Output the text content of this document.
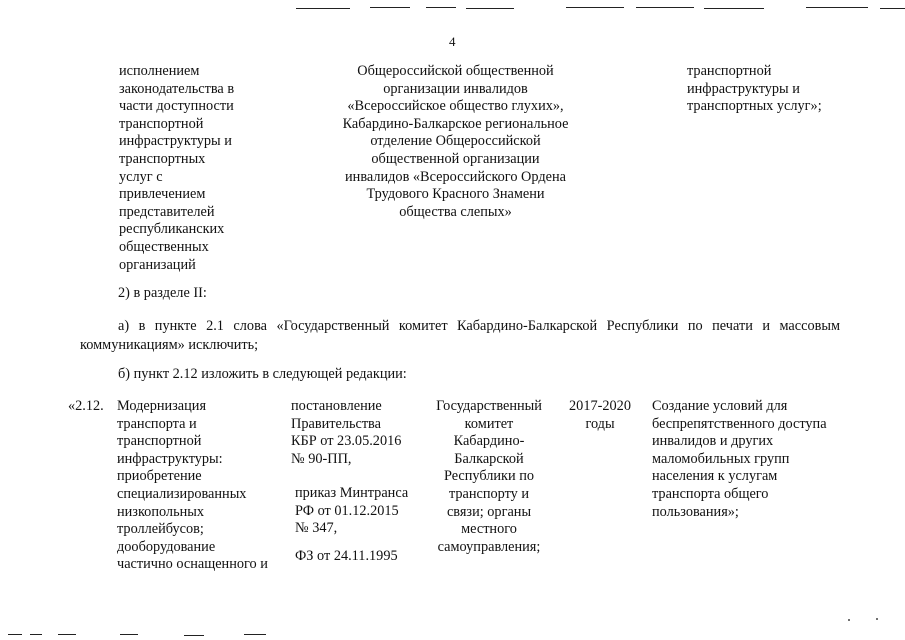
4
исполнением
законодательства в
части доступности
транспортной
инфраструктуры и
транспортных
услуг с
привлечением
представителей
республиканских
общественных
организаций
Общероссийской общественной
организации инвалидов
«Всероссийское общество глухих»,
Кабардино-Балкарское региональное
отделение Общероссийской
общественной организации
инвалидов «Всероссийского Ордена
Трудового Красного Знамени
общества слепых»
транспортной
инфраструктуры и
транспортных услуг»;
2) в разделе II:
а) в пункте 2.1 слова «Государственный комитет Кабардино-Балкарской Республики по печати и массовым коммуникациям» исключить;
б) пункт 2.12 изложить в следующей редакции:
«2.12. Модернизация
транспорта и
транспортной
инфраструктуры:
приобретение
специализированных
низкопольных
троллейбусов;
дооборудование
частично оснащенного и
постановление
Правительства
КБР от 23.05.2016
№ 90-ПП,
приказ Минтранса
РФ от 01.12.2015
№ 347,
ФЗ от 24.11.1995
Государственный
комитет
Кабардино-
Балкарской
Республики по
транспорту и
связи; органы
местного
самоуправления;
2017-2020
годы
Создание условий для
беспрепятственного доступа
инвалидов и других
маломобильных групп
населения к услугам
транспорта общего
пользования»;
